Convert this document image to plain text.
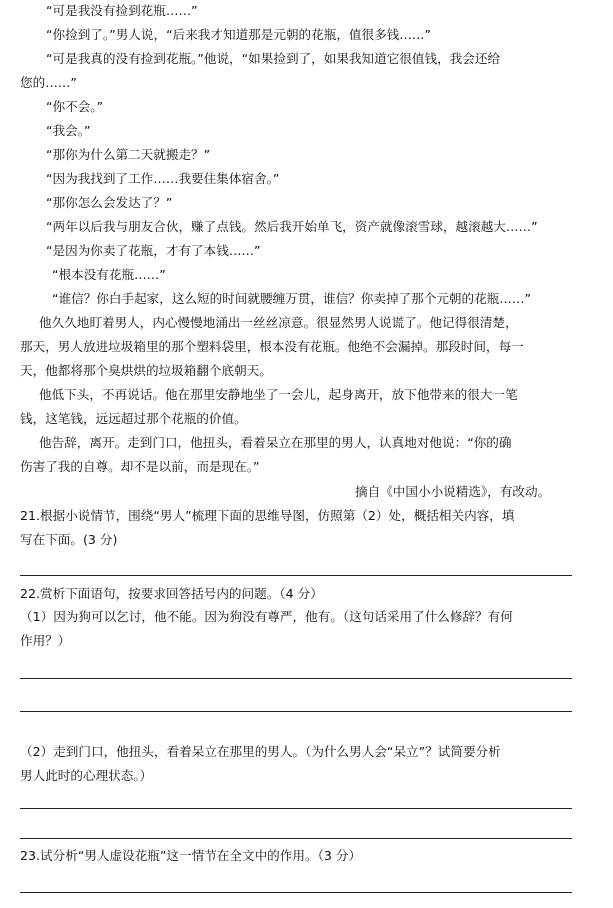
“可是我没有捡到花瓶……”
“你捡到了。”男人说，“后来我才知道那是元朝的花瓶，值很多钱……”
“可是我真的没有捡到花瓶。”他说，“如果捡到了，如果我知道它很值钱，我会还给
您的……”
“你不会。”
“我会。”
“那你为什么第二天就搬走？”
“因为我找到了工作……我要住集体宿舍。”
“那你怎么会发达了？”
“两年以后我与朋友合伙，赚了点钱。然后我开始单飞，资产就像滚雪球，越滚越大……”
“是因为你卖了花瓶，才有了本钱……”
“根本没有花瓶……”
“谁信？你白手起家，这么短的时间就腰缠万贯，谁信？你卖掉了那个元朝的花瓶……”
他久久地盯着男人，内心慢慢地涌出一丝丝凉意。很显然男人说谎了。他记得很清楚，
那天，男人放进垃圾箱里的那个塑料袋里，根本没有花瓶。他绝不会漏掉。那段时间，每一
天，他都将那个臭烘烘的垃圾箱翻个底朝天。
他低下头，不再说话。他在那里安静地坐了一会儿，起身离开，放下他带来的很大一笔
钱，这笔钱，远远超过那个花瓶的价值。
他告辞，离开。走到门口，他扭头，看着呆立在那里的男人，认真地对他说：“你的确
伤害了我的自尊。却不是以前，而是现在。”
摘自《中国小小说精选》，有改动。
21.根据小说情节，围绕“男人”梳理下面的思维导图，仿照第（2）处，概括相关内容，填
写在下面。(3 分)
22.赏析下面语句，按要求回答括号内的问题。（4 分）
（1）因为狗可以乞讨，他不能。因为狗没有尊严，他有。（这句话采用了什么修辞？有何
作用？）
（2）走到门口，他扭头，看着呆立在那里的男人。（为什么男人会“呆立”？试简要分析
男人此时的心理状态。）
23.试分析“男人虚设花瓶”这一情节在全文中的作用。（3 分）
